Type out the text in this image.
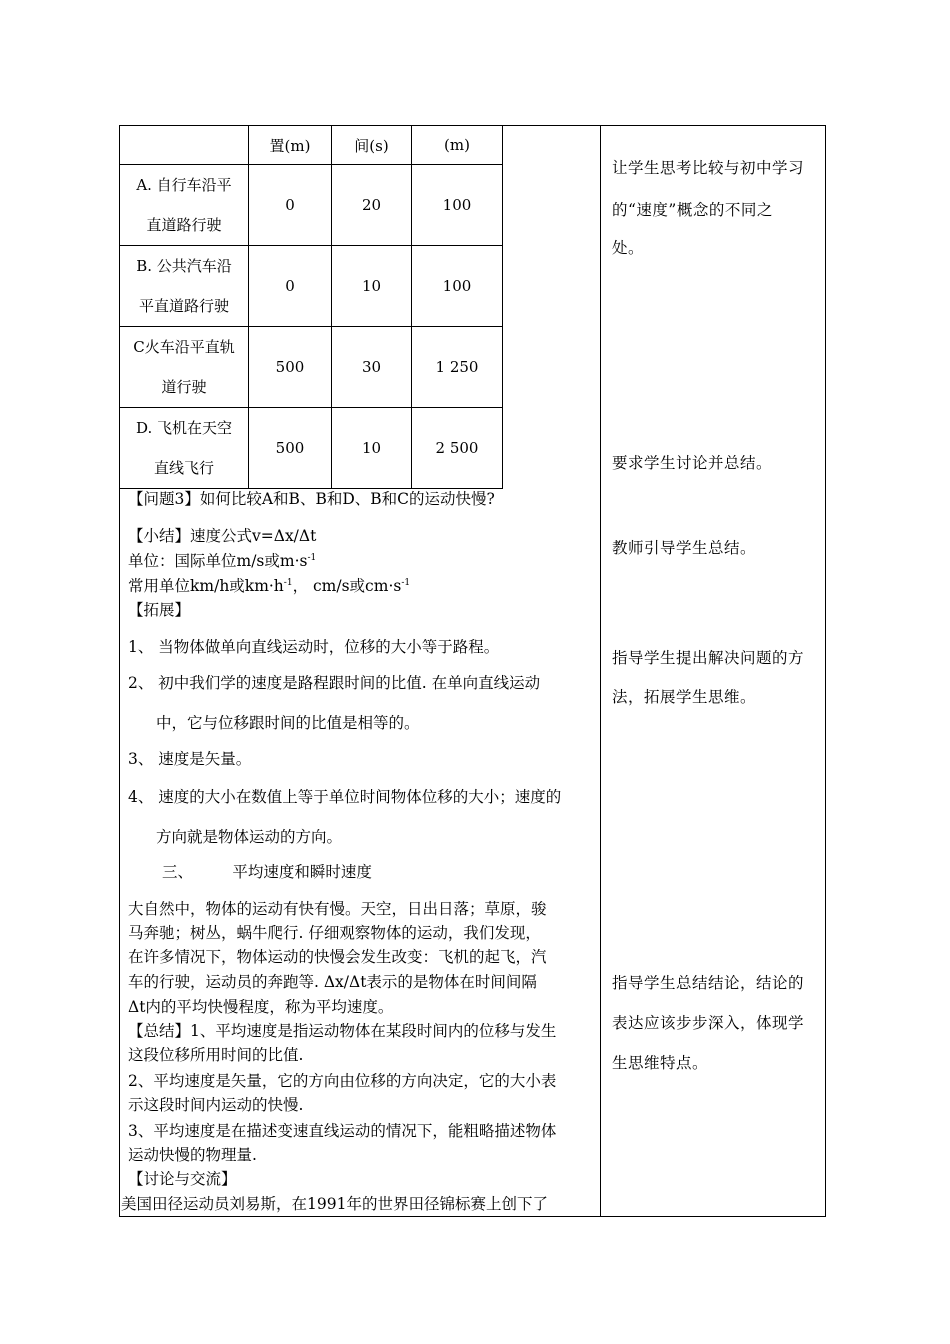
	置(m)	间(s)	(m)
A. 自行车沿平
直道路行驶	0	20	100
B. 公共汽车沿
平直道路行驶	0	10	100
C火车沿平直轨
道行驶	500	30	1 250
D. 飞机在天空
直线飞行	500	10	2 500
【问题3】如何比较A和B、B和D、B和C的运动快慢?
【小结】速度公式v=Δx/Δt
单位：国际单位m/s或$m\cdot s^{-1}$
常用单位km/h或$km\cdot h^{-1}$， cm/s或$cm\cdot s^{-1}$
【拓展】
1、 当物体做单向直线运动时，位移的大小等于路程。
2、 初中我们学的速度是路程跟时间的比值. 在单向直线运动
中，它与位移跟时间的比值是相等的。
3、 速度是矢量。
4、 速度的大小在数值上等于单位时间物体位移的大小；速度的
方向就是物体运动的方向。
三、        平均速度和瞬时速度
大自然中，物体的运动有快有慢。天空，日出日落；草原，骏
马奔驰；树丛，蜗牛爬行. 仔细观察物体的运动，我们发现，
在许多情况下，物体运动的快慢会发生改变：飞机的起飞，汽
车的行驶，运动员的奔跑等. Δx/Δt表示的是物体在时间间隔
Δt内的平均快慢程度，称为平均速度。
【总结】1、平均速度是指运动物体在某段时间内的位移与发生
这段位移所用时间的比值.
2、平均速度是矢量，它的方向由位移的方向决定，它的大小表
示这段时间内运动的快慢.
3、平均速度是在描述变速直线运动的情况下，能粗略描述物体
运动快慢的物理量.
【讨论与交流】
美国田径运动员刘易斯，在1991年的世界田径锦标赛上创下了
让学生思考比较与初中学习
的“速度”概念的不同之
处。
要求学生讨论并总结。
教师引导学生总结。
指导学生提出解决问题的方
法，拓展学生思维。
指导学生总结结论，结论的
表达应该步步深入，体现学
生思维特点。
